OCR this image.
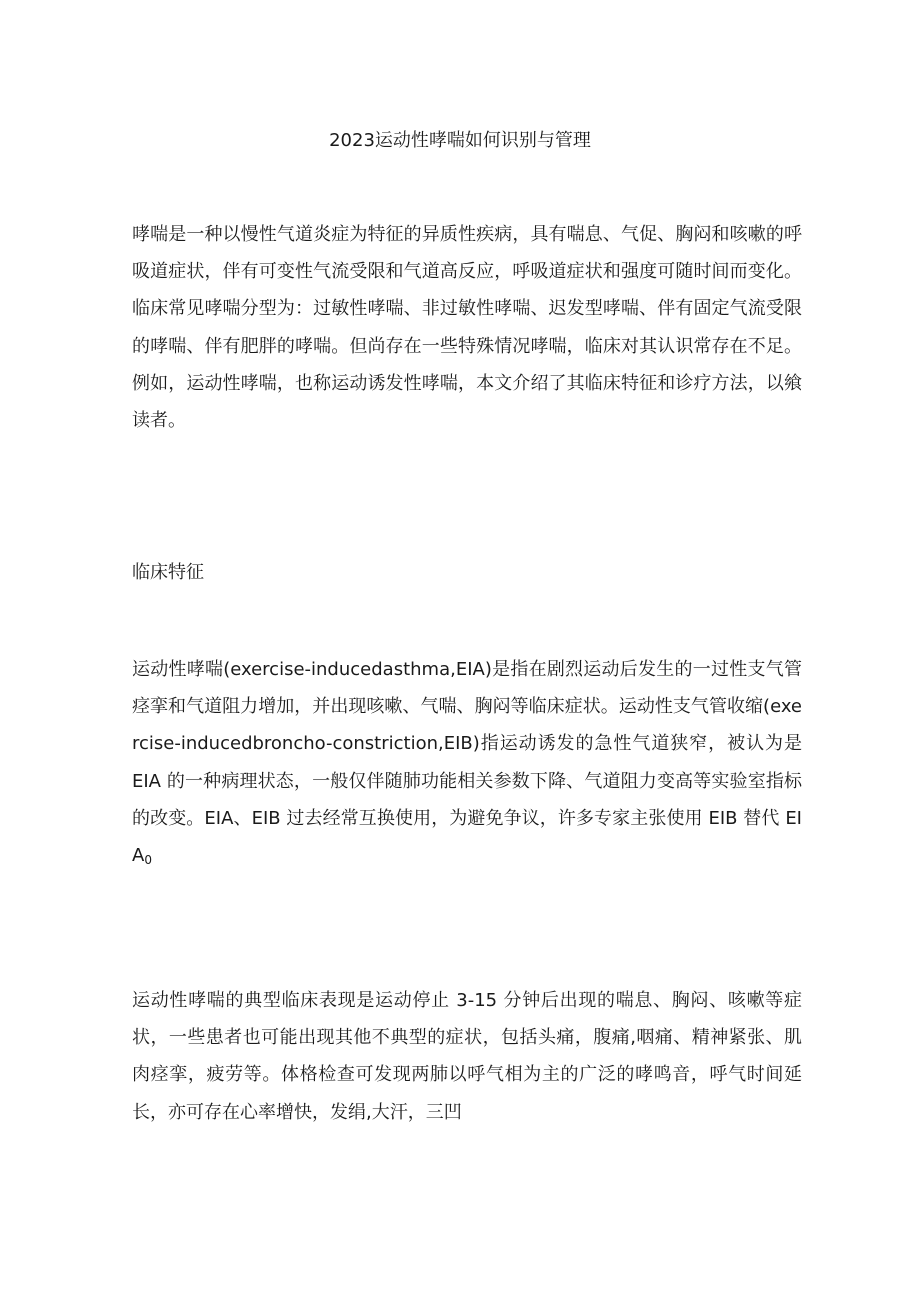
2023运动性哮喘如何识别与管理

哮喘是一种以慢性气道炎症为特征的异质性疾病，具有喘息、气促、胸闷和咳嗽的呼吸道症状，伴有可变性气流受限和气道高反应，呼吸道症状和强度可随时间而变化。临床常见哮喘分型为：过敏性哮喘、非过敏性哮喘、迟发型哮喘、伴有固定气流受限的哮喘、伴有肥胖的哮喘。但尚存在一些特殊情况哮喘，临床对其认识常存在不足。例如，运动性哮喘，也称运动诱发性哮喘，本文介绍了其临床特征和诊疗方法，以飨读者。

临床特征

运动性哮喘(exercise-inducedasthma,EIA)是指在剧烈运动后发生的一过性支气管痉挛和气道阻力增加，并出现咳嗽、气喘、胸闷等临床症状。运动性支气管收缩(exercise-inducedbroncho-constriction,EIB)指运动诱发的急性气道狭窄，被认为是 EIA 的一种病理状态，一般仅伴随肺功能相关参数下降、气道阻力变高等实验室指标的改变。EIA、EIB 过去经常互换使用，为避免争议，许多专家主张使用 EIB 替代 $EIA_0$

运动性哮喘的典型临床表现是运动停止 3-15 分钟后出现的喘息、胸闷、咳嗽等症状，一些患者也可能出现其他不典型的症状，包括头痛，腹痛,咽痛、精神紧张、肌肉痉挛，疲劳等。体格检查可发现两肺以呼气相为主的广泛的哮鸣音，呼气时间延长，亦可存在心率增快，发绢,大汗，三凹
